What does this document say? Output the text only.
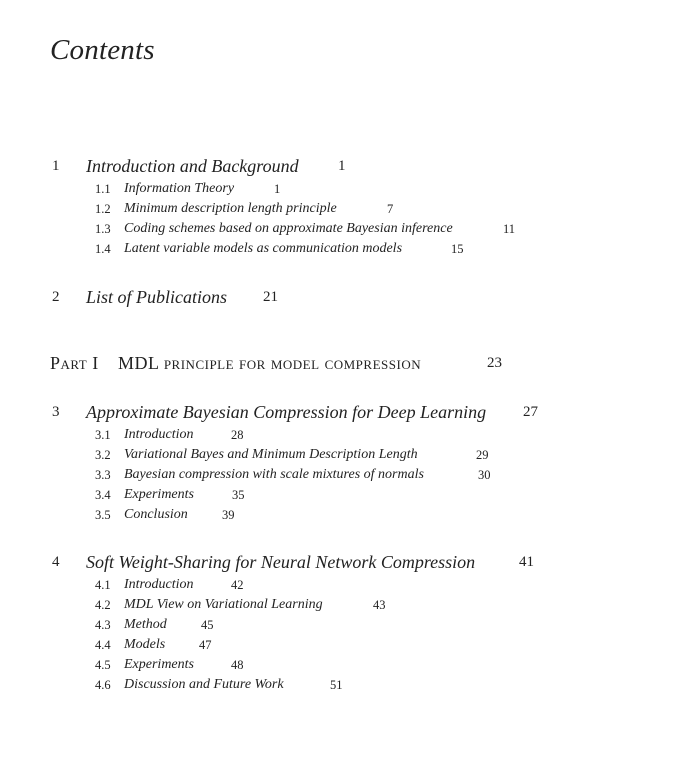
Contents
1 Introduction and Background	1
1.1 Information Theory	1
1.2 Minimum description length principle	7
1.3 Coding schemes based on approximate Bayesian inference	11
1.4 Latent variable models as communication models	15
2 List of Publications 21
Part I MDL principle for model compression	23
3 Approximate Bayesian Compression for Deep Learning 27
3.1 Introduction	28
3.2 Variational Bayes and Minimum Description Length	29
3.3 Bayesian compression with scale mixtures of normals	30
3.4 Experiments	35
3.5 Conclusion	39
4 Soft Weight-Sharing for Neural Network Compression	41
4.1 Introduction	42
4.2 MDL View on Variational Learning	43
4.3 Method	45
4.4 Models	47
4.5 Experiments	48
4.6 Discussion and Future Work	51
